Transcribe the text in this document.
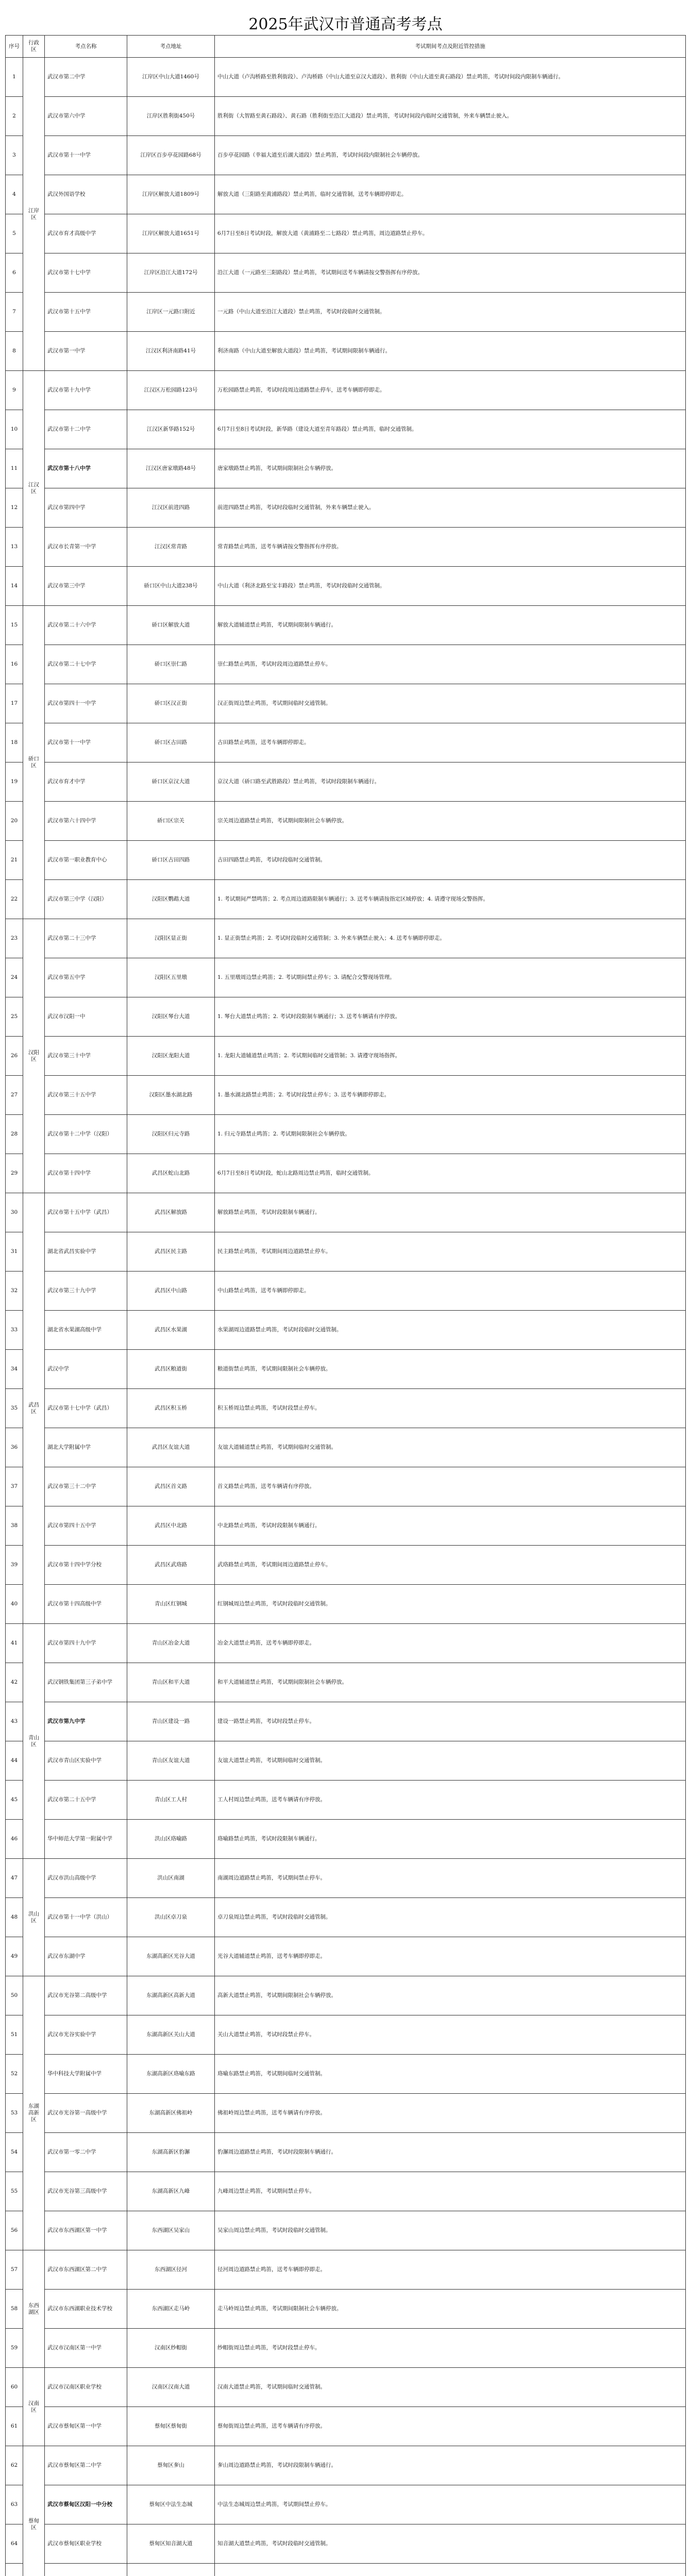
2025年武汉市普通高考考点
序号	行政区	考点名称	考点地址	考试期间考点及附近管控措施
1	江岸区	武汉市第二中学	江岸区中山大道1460号	中山大道（卢沟桥路至胜利街段）、卢沟桥路（中山大道至京汉大道段）、胜利街（中山大道至黄石路段）禁止鸣笛，考试时间段内限制车辆通行。
2		武汉市第六中学	江岸区胜利街450号	胜利街（大智路至黄石路段）、黄石路（胜利街至沿江大道段）禁止鸣笛，考试时间段内临时交通管制，外来车辆禁止驶入。
3		武汉市第十一中学	江岸区百步亭花园路68号	百步亭花园路（幸福大道至后湖大道段）禁止鸣笛，考试时间段内限制社会车辆停放。
4		武汉外国语学校	江岸区解放大道1809号	解放大道（三阳路至黄浦路段）禁止鸣笛，临时交通管制，送考车辆即停即走。
5		武汉市育才高级中学	江岸区解放大道1651号	6月7日至8日考试时段，解放大道（黄浦路至二七路段）禁止鸣笛，周边道路禁止停车。
6		武汉市第十七中学	江岸区沿江大道172号	沿江大道（一元路至三阳路段）禁止鸣笛，考试期间送考车辆请按交警指挥有序停放。
7		武汉市第十五中学	江岸区一元路口附近	一元路（中山大道至沿江大道段）禁止鸣笛，考试时段临时交通管制。
8		武汉市第一中学	江汉区利济南路41号	利济南路（中山大道至解放大道段）禁止鸣笛，考试期间限制车辆通行。
9	江汉区	武汉市第十九中学	江汉区万松园路123号	万松园路禁止鸣笛，考试时段周边道路禁止停车，送考车辆即停即走。
10		武汉市第十二中学	江汉区新华路152号	6月7日至8日考试时段，新华路（建设大道至青年路段）禁止鸣笛，临时交通管制。
11		武汉市第十八中学	江汉区唐家墩路48号	唐家墩路禁止鸣笛，考试期间限制社会车辆停放。
12		武汉市第四中学	江汉区前进四路	前进四路禁止鸣笛，考试时段临时交通管制，外来车辆禁止驶入。
13		武汉市长青第一中学	江汉区常青路	常青路禁止鸣笛，送考车辆请按交警指挥有序停放。
14		武汉市第三中学	硚口区中山大道238号	中山大道（利济北路至宝丰路段）禁止鸣笛，考试时段临时交通管制。
15	硚口区	武汉市第二十六中学	硚口区解放大道	解放大道辅道禁止鸣笛，考试期间限制车辆通行。
16		武汉市第二十七中学	硚口区崇仁路	崇仁路禁止鸣笛，考试时段周边道路禁止停车。
17		武汉市第四十一中学	硚口区汉正街	汉正街周边禁止鸣笛，考试期间临时交通管制。
18		武汉市第十一中学	硚口区古田路	古田路禁止鸣笛，送考车辆即停即走。
19		武汉市育才中学	硚口区京汉大道	京汉大道（硚口路至武胜路段）禁止鸣笛，考试时段限制车辆通行。
20		武汉市第六十四中学	硚口区宗关	宗关周边道路禁止鸣笛，考试期间限制社会车辆停放。
21		武汉市第一职业教育中心	硚口区古田四路	古田四路禁止鸣笛，考试时段临时交通管制。
22		武汉市第三中学（汉阳）	汉阳区鹦鹉大道	1. 考试期间严禁鸣笛；2. 考点周边道路限制车辆通行；3. 送考车辆请按指定区域停放；4. 请遵守现场交警指挥。
23	汉阳区	武汉市第二十三中学	汉阳区显正街	1. 显正街禁止鸣笛；2. 考试时段临时交通管制；3. 外来车辆禁止驶入；4. 送考车辆即停即走。
24		武汉市第五中学	汉阳区五里墩	1. 五里墩周边禁止鸣笛；2. 考试期间禁止停车；3. 请配合交警现场管理。
25		武汉市汉阳一中	汉阳区琴台大道	1. 琴台大道禁止鸣笛；2. 考试时段限制车辆通行；3. 送考车辆请有序停放。
26		武汉市第三十中学	汉阳区龙阳大道	1. 龙阳大道辅道禁止鸣笛；2. 考试期间临时交通管制；3. 请遵守现场指挥。
27		武汉市第三十五中学	汉阳区墨水湖北路	1. 墨水湖北路禁止鸣笛；2. 考试时段禁止停车；3. 送考车辆即停即走。
28		武汉市第十二中学（汉阳）	汉阳区归元寺路	1. 归元寺路禁止鸣笛；2. 考试期间限制社会车辆停放。
29		武汉市第十四中学	武昌区蛇山北路	6月7日至8日考试时段，蛇山北路周边禁止鸣笛，临时交通管制。
30	武昌区	武汉市第十五中学（武昌）	武昌区解放路	解放路禁止鸣笛，考试时段限制车辆通行。
31		湖北省武昌实验中学	武昌区民主路	民主路禁止鸣笛，考试期间周边道路禁止停车。
32		武汉市第三十九中学	武昌区中山路	中山路禁止鸣笛，送考车辆即停即走。
33		湖北省水果湖高级中学	武昌区水果湖	水果湖周边道路禁止鸣笛，考试时段临时交通管制。
34		武汉中学	武昌区粮道街	粮道街禁止鸣笛，考试期间限制社会车辆停放。
35		武汉市第十七中学（武昌）	武昌区积玉桥	积玉桥周边禁止鸣笛，考试时段禁止停车。
36		湖北大学附属中学	武昌区友谊大道	友谊大道辅道禁止鸣笛，考试期间临时交通管制。
37		武汉市第三十二中学	武昌区首义路	首义路禁止鸣笛，送考车辆请有序停放。
38		武汉市第四十五中学	武昌区中北路	中北路禁止鸣笛，考试时段限制车辆通行。
39		武汉市第十四中学分校	武昌区武珞路	武珞路禁止鸣笛，考试期间周边道路禁止停车。
40		武汉市第十四高级中学	青山区红钢城	红钢城周边禁止鸣笛，考试时段临时交通管制。
41	青山区	武汉市第四十九中学	青山区冶金大道	冶金大道禁止鸣笛，送考车辆即停即走。
42		武汉钢铁集团第三子弟中学	青山区和平大道	和平大道辅道禁止鸣笛，考试期间限制社会车辆停放。
43		武汉市第九中学	青山区建设一路	建设一路禁止鸣笛，考试时段禁止停车。
44		武汉市青山区实验中学	青山区友谊大道	友谊大道禁止鸣笛，考试期间临时交通管制。
45		武汉市第二十五中学	青山区工人村	工人村周边禁止鸣笛，送考车辆请有序停放。
46		华中师范大学第一附属中学	洪山区珞喻路	珞喻路禁止鸣笛，考试时段限制车辆通行。
47	洪山区	武汉市洪山高级中学	洪山区南湖	南湖周边道路禁止鸣笛，考试期间禁止停车。
48		武汉市第十一中学（洪山）	洪山区卓刀泉	卓刀泉周边禁止鸣笛，考试时段临时交通管制。
49		武汉市东湖中学	东湖高新区光谷大道	光谷大道辅道禁止鸣笛，送考车辆即停即走。
50	东湖高新区	武汉市光谷第二高级中学	东湖高新区高新大道	高新大道禁止鸣笛，考试期间限制社会车辆停放。
51		武汉市光谷实验中学	东湖高新区关山大道	关山大道禁止鸣笛，考试时段禁止停车。
52		华中科技大学附属中学	东湖高新区珞喻东路	珞喻东路禁止鸣笛，考试期间临时交通管制。
53		武汉市光谷第一高级中学	东湖高新区佛祖岭	佛祖岭周边禁止鸣笛，送考车辆请有序停放。
54		武汉市第一零二中学	东湖高新区豹澥	豹澥周边道路禁止鸣笛，考试时段限制车辆通行。
55		武汉市光谷第三高级中学	东湖高新区九峰	九峰周边禁止鸣笛，考试期间禁止停车。
56		武汉市东西湖区第一中学	东西湖区吴家山	吴家山周边禁止鸣笛，考试时段临时交通管制。
57	东西湖区	武汉市东西湖区第二中学	东西湖区径河	径河周边道路禁止鸣笛，送考车辆即停即走。
58		武汉市东西湖职业技术学校	东西湖区走马岭	走马岭周边禁止鸣笛，考试期间限制社会车辆停放。
59		武汉市汉南区第一中学	汉南区纱帽街	纱帽街周边禁止鸣笛，考试时段禁止停车。
60	汉南区	武汉市汉南区职业学校	汉南区汉南大道	汉南大道禁止鸣笛，考试期间临时交通管制。
61		武汉市蔡甸区第一中学	蔡甸区蔡甸街	蔡甸街周边禁止鸣笛，送考车辆请有序停放。
62	蔡甸区	武汉市蔡甸区第二中学	蔡甸区奓山	奓山周边道路禁止鸣笛，考试时段限制车辆通行。
63		武汉市蔡甸区汉阳一中分校	蔡甸区中法生态城	中法生态城周边禁止鸣笛，考试期间禁止停车。
64		武汉市蔡甸区职业学校	蔡甸区知音湖大道	知音湖大道禁止鸣笛，考试时段临时交通管制。
